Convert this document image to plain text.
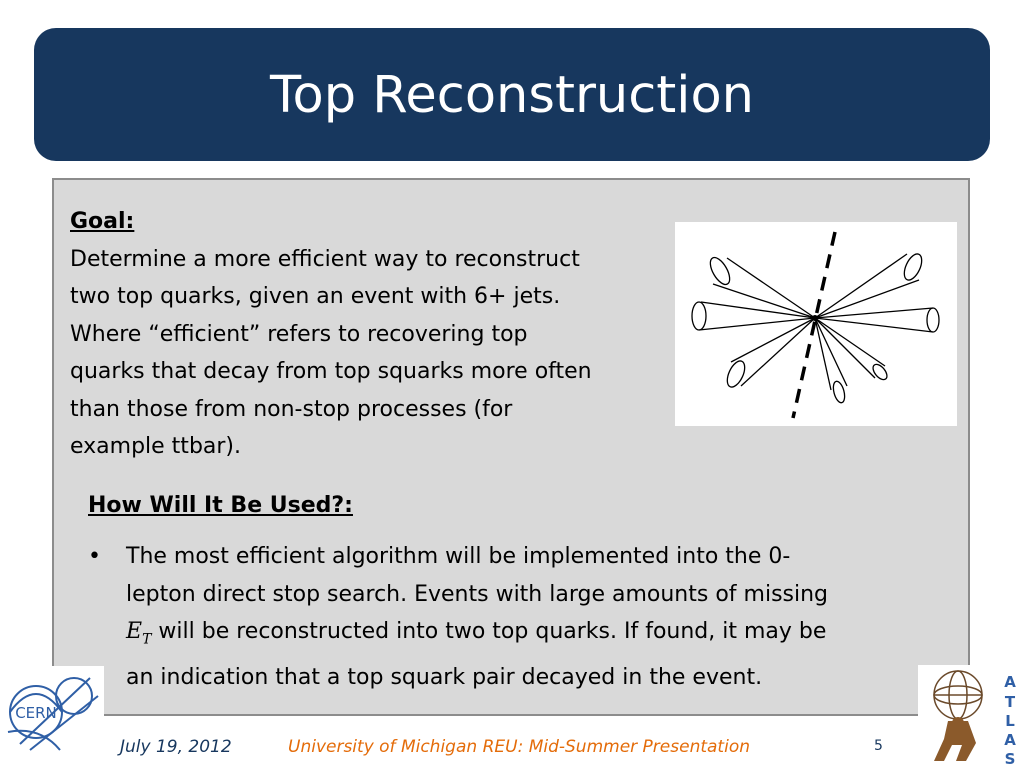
Top Reconstruction
Goal:
Determine a more efficient way to reconstruct
two top quarks, given an event with 6+ jets.
Where “efficient” refers to recovering top
quarks that decay from top squarks more often
than those from non-stop processes (for
example ttbar).
How Will It Be Used?:
• The most efficient algorithm will be implemented into the 0-
lepton direct stop search. Events with large amounts of missing
$E_T$ will be reconstructed into two top quarks. If found, it may be
an indication that a top squark pair decayed in the event.
CERN
A
T
L
A
S
July 19, 2012	University of Michigan REU: Mid-Summer Presentation	5
